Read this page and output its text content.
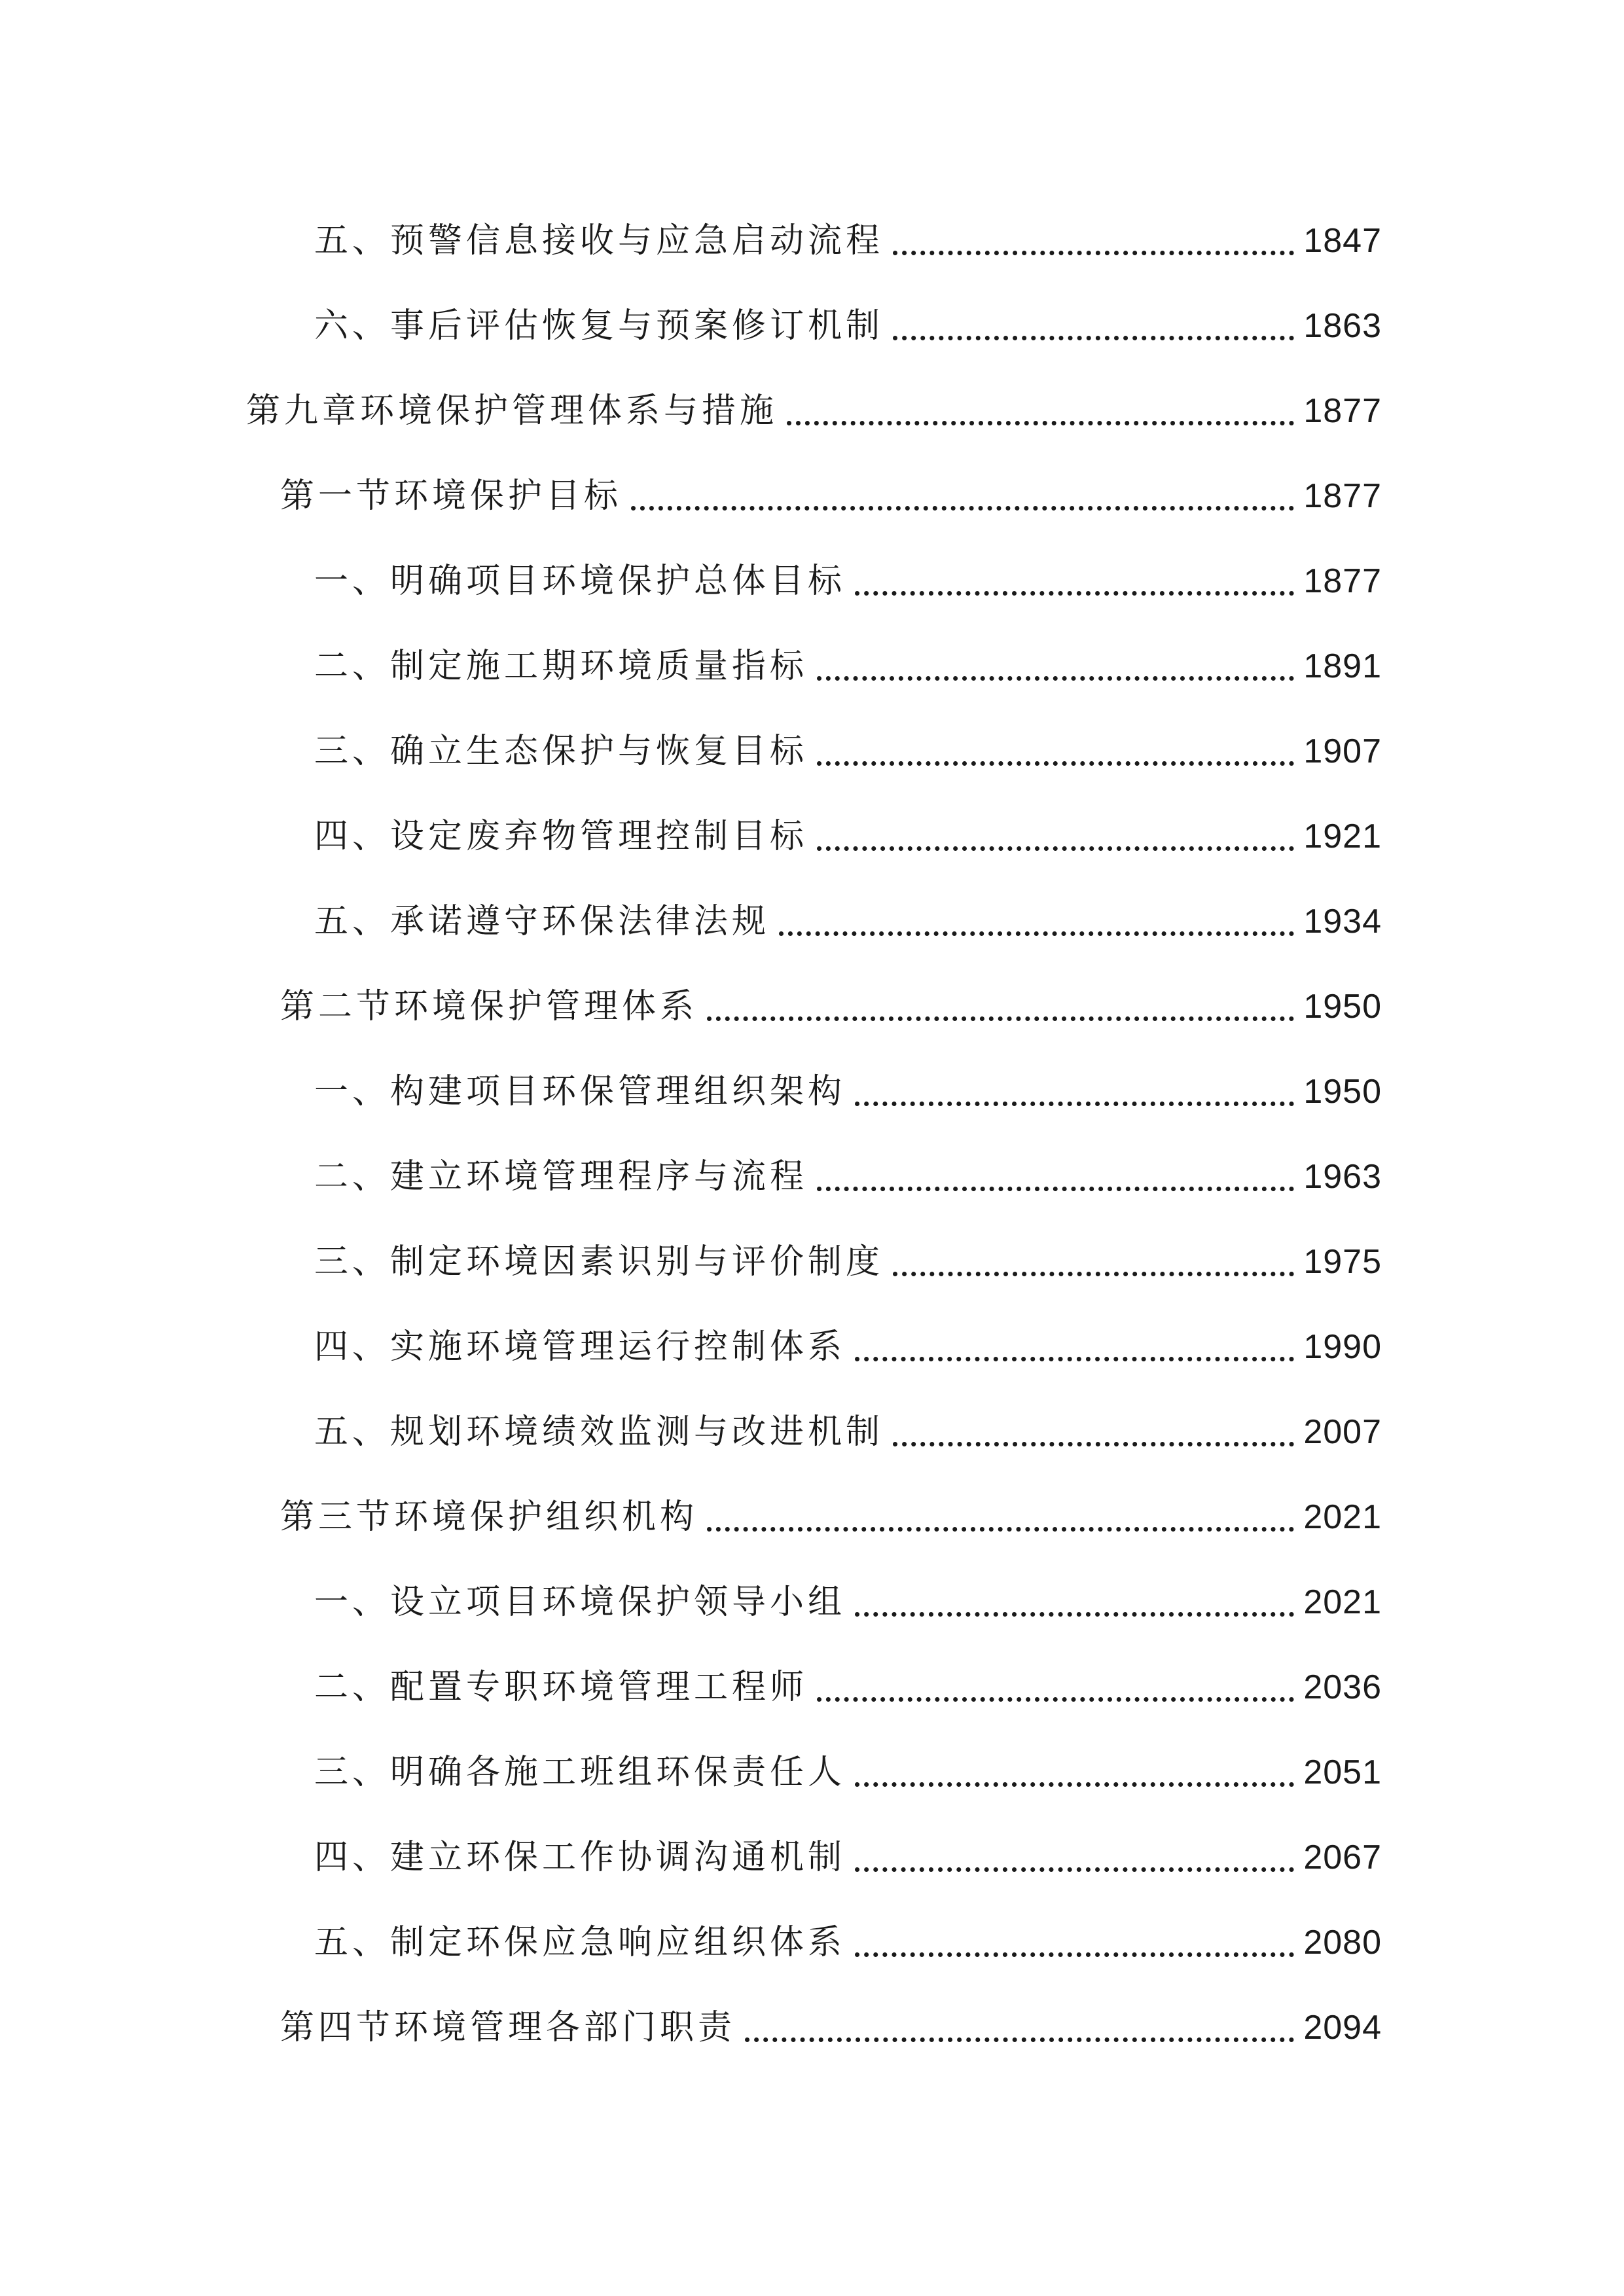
五、预警信息接收与应急启动流程	1847
六、事后评估恢复与预案修订机制	1863
第九章环境保护管理体系与措施	1877
第一节环境保护目标	1877
一、明确项目环境保护总体目标	1877
二、制定施工期环境质量指标	1891
三、确立生态保护与恢复目标	1907
四、设定废弃物管理控制目标	1921
五、承诺遵守环保法律法规	1934
第二节环境保护管理体系	1950
一、构建项目环保管理组织架构	1950
二、建立环境管理程序与流程	1963
三、制定环境因素识别与评价制度	1975
四、实施环境管理运行控制体系	1990
五、规划环境绩效监测与改进机制	2007
第三节环境保护组织机构	2021
一、设立项目环境保护领导小组	2021
二、配置专职环境管理工程师	2036
三、明确各施工班组环保责任人	2051
四、建立环保工作协调沟通机制	2067
五、制定环保应急响应组织体系	2080
第四节环境管理各部门职责	2094
